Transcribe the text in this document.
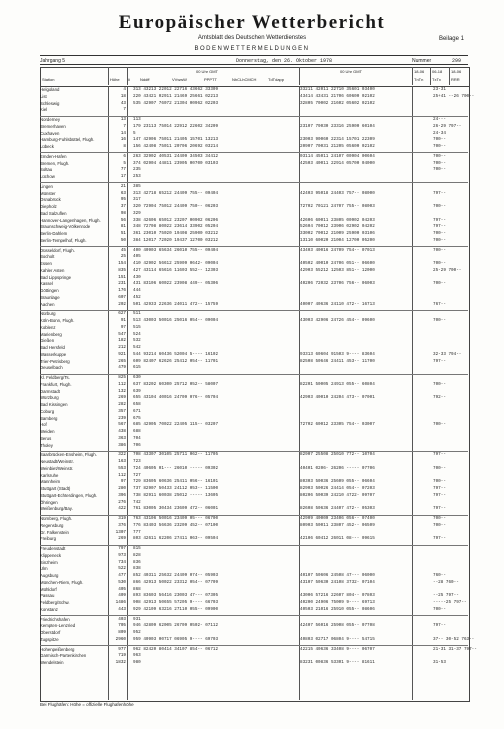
Europäischer Wetterbericht
Amtsblatt des Deutschen Wetterdienstes	Beilage 1
BODENWETTERMELDUNGEN
Jahrgang 5	Donnerstag, den 26. Oktober 1978	Nummer	299
Station	Höhe ii
00 Uhr GMT	00 Uhr GMT
Nddff	VVwwW	PPPTT	NhCLhCMCH	TdTdapp
18-06 06-18 18-06
TnTn TxTx	RRR
Helgoland	4 313 43213 22012 22716 43662 33309	33211 42011 22710 35601 03400	23-31
List	18 220 43421 02911 21469 25661 02213	43414 43431 21706 60600 02102	25+41 --26 700--
Schleswig	43 535 42907 76072 21304 00962 02203	32805 70002 21602 05602 02102
Kiel	7
Norderney	13 113	24---
Bremerhaven	7 179 23113 75014 22912 22602 34209	23107 79030 23316 25900 60104	26-29 797--
Cuxhaven	14 5	24-34
Hamburg-Fuhlsbüttel, Flugh.	16 147 42906 75011 21405 15701 13213	23003 90060 22314 15701 22309	700--
Lübeck	8 156 42408 75011 20706 20692 03214	20907 70031 21205 05600 02102	700--
Emden-Hafen	6 263 32902 40531 24409 34503 34412	03114 45011 24107 00904 00604	700--
Bremen, Flugh.	5 374 02904 44811 23905 00700 03103	42503 40011 22914 05700 04000	700--
Soltau	77 235	700--
Lüchow	17 253
Lingen	21 385
Münster	63 313 42718 65212 24409 755-- 09404	42403 95018 24403 757-- 08000	797--
Osnabrück	95 317
Diepholz	37 320 72904 75012 24409 750-- 06203	72702 70121 24707 755-- 08003	700--
Bad Salzuflen	98 329
Hannover-Langenhagen, Flugh.	56 338 42606 65012 23207 00902 06206	42606 60011 23805 00902 04203	797--
Braunschweig-Völkenrode	81 348 72708 80022 23614 33902 05204	52604 70012 23906 02902 04202	797--
Berlin-Dahlem	51 361 23010 75020 19408 25900 03212	33002 70012 21009 25900 03106	700--
Berlin-Tempelhof, Flugh.	50 384 12017 72020 19437 12700 03212	13110 60020 21004 12700 05200	700--
Düsseldorf, Flugh.	45 400 40903 65634 26010 755-- 09404	43403 40016 24709 754-- 07013	700--
Bocholt	25 405
Essen	154 410 42902 56612 25909 0642- 09004	40502 40010 24706 051-- 06600	700--
Kahler Asten	835 427 43114 65616 11603 552-- 12303	42903 55212 12503 851-- 12000	25-29 700--
Bad Lippspringe	151 430
Kassel	231 431 83106 60022 23908 449-- 05306	40206 72032 23706 756-- 06003	700--
Göttingen	176 444
Braunlage	607 452
Aachen	202 501 42933 22636 24011 472-- 15759	40007 40636 24110 472-- 16713	767--
Nürburg	627 511
Köln-Bonn, Flugh.	91 513 43003 50016 25016 054-- 09004	43003 42906 24726 454-- 09600	700--
Koblenz	97 515
Marienberg	547 524
Gießen	182 532
Bad Hersfeld	212 542
Wasserkuppe	921 544 93214 60436 52004 5---- 16102	93313 60604 91503 9---- 83604	32-33 794--
Trier-Petrisberg	265 609 82407 62626 25412 054-- 11701	82508 50646 24411 453-- 11700	797--
Deuselbach	479 615
Kl. Feldberg/Ts.	825 630
Frankfurt, Flugh.	112 637 83202 60300 25712 052-- 58007	82201 50005 24913 055-- 60804	700--
Darmstadt	132 639
Würzburg	269 655 43104 40016 24709 076-- 05704	42903 40010 24204 473-- 07001	792--
Bad Kissingen	282 658
Coburg	357 671
Bamberg	239 675
Hof	567 685 42905 70022 22405 115-- 03207	72702 60012 23305 754-- 03007	700--
Weiden	438 688
Berus	363 704
Tholey	386 706
Saarbrücken-Ensheim, Flugh.	322 708 43307 30105 25711 062-- 11705	82907 25508 25010 772-- 10704	797--
Neustadt/Weinstr.	163 723
Weinbiet/Weinstr.	553 724 40605 01--- 26010 ----- 09302	40401 0206- 26206 ----- 07706	700--
Karlsruhe	112 727
Mannheim	97 729 83605 60636 25411 056-- 16101	80303 50036 25609 055-- 06604	700--
Stuttgart (Stadt)	280 737 82907 50433 24112 053-- 11500	82903 50026 24414 054-- 07203	797--
Stuttgart-Echterdingen, Flugh.	396 738 82911 60038 25012 ----- 13605	80206 50039 24210 4722- 09707	797--
Öhringen	276 742
Weißenburg/Bay.	422 761 83005 30434 23609 472-- 06001	82608 50636 24407 472-- 05303	797--
Nürnberg, Flugh.	319 763 43106 50016 23409 05--- 06700	42909 40009 23406 056-- 07400	700--
Regensburg	376 776 83403 56636 23209 452-- 07100	80903 50011 23807 452-- 06509	700--
Gr. Falkenstein	1307 777
Freiburg	269 803 42611 62206 27411 063-- 09504	42106 60412 26011 08--- 09615	797--
Freudenstadt	797 815
Klippeneck	973 828
Sinzheim	734 836
Ulm	522 838
Augsburg	477 852 40311 25632 24409 074-- 05903	40107 50606 24508 47--- 06000	760--
München-Riem, Flugh.	530 866 42913 50022 23312 054-- 07709	43107 50630 24108 3732- 07104	--28 760--
Mühldorf	405 868
Passau	409 893 83603 56416 23003 47--- 07305	43006 57216 22607 804-- 07803	--25 797--
Feldberg/Schw.	1486 908 42913 50655 57205 9---- 66703	40200 24906 75009 9---- 69713	-----25 797--
Konstanz	443 929 42109 63216 27110 055-- 09900	40503 21016 25910 055-- 08606	700--
Friedrichshafen	403 931
Kempten-Lenzried	705 946 42809 62005 26709 0502- 07112	42407 56016 25908 055-- 07708	797--
Oberstdorf	809 952
Zugspitze	2960 959 40903 00717 06905 9---- 69703	40803 02717 06804 9---- 54715	37-- 30-52 763--
Hohenpeißenberg	977 962 82420 80414 34107 854-- 06712	42215 40636 33408 9---- 06707	21-31 31-37 797--
Garmisch-Partenkirchen	719 963
Wendelstein	1832 980	83231 00836 53301 9---- 81611	31-53
Bei Flughäfen: Höhe = offizielle Flughafenhöhe
